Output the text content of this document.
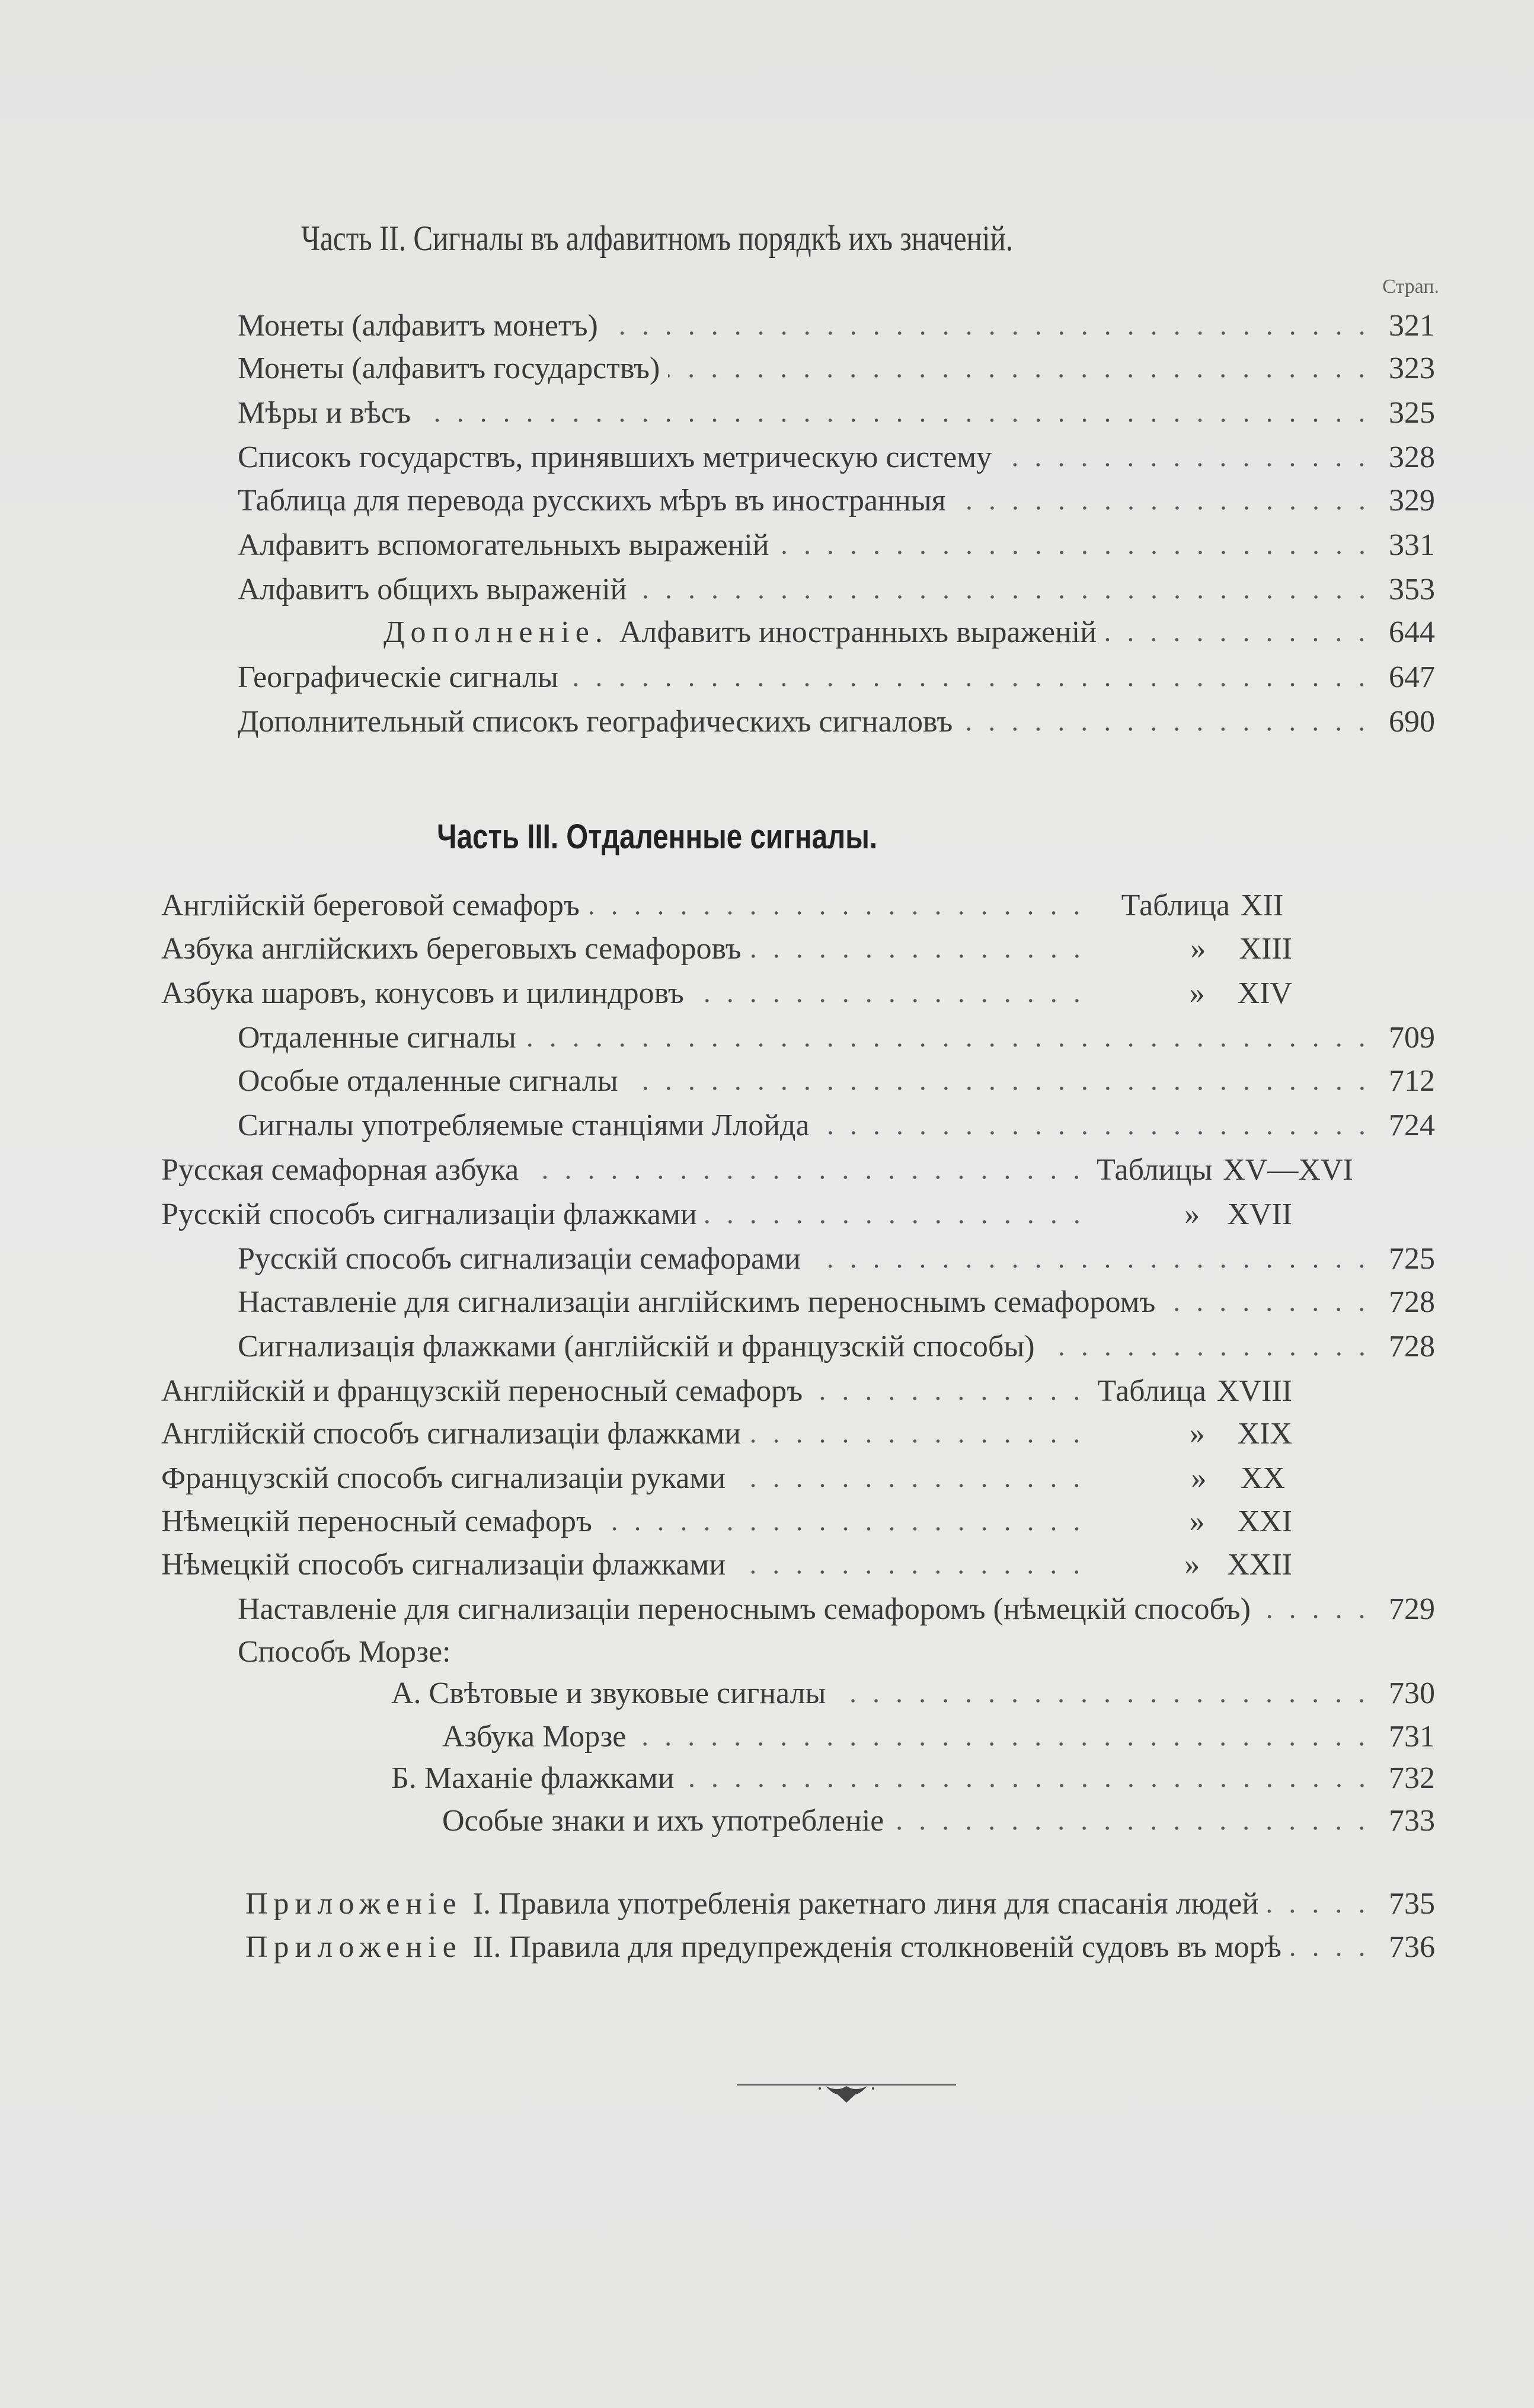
Часть II. Сигналы въ алфавитномъ порядкѣ ихъ значеній.
Страп.
Часть III. Отдаленные сигналы.
Монеты (алфавитъ монетъ)	321
Монеты (алфавитъ государствъ)	323
Мѣры и вѣсъ	325
Списокъ государствъ, принявшихъ метрическую систему	328
Таблица для перевода русскихъ мѣръ въ иностранныя	329
Алфавитъ вспомогательныхъ выраженій	331
Алфавитъ общихъ выраженій	353
Дополненіе. Алфавитъ иностранныхъ выраженій	644
Географическіе сигналы	647
Дополнительный списокъ географическихъ сигналовъ	690
Англійскій береговой семафоръ	Таблица XII
Азбука англійскихъ береговыхъ семафоровъ	»	XIII
Азбука шаровъ, конусовъ и цилиндровъ	»	XIV
Отдаленные сигналы	709
Особые отдаленные сигналы	712
Сигналы употребляемые станціями Ллойда	724
Русская семафорная азбука	Таблицы XV—XVI
Русскій способъ сигнализаціи флажками	» XVII
Русскій способъ сигнализаціи семафорами	725
Наставленіе для сигнализаціи англійскимъ переноснымъ семафоромъ	728
Сигнализація флажками (англійскій и французскій способы)	728
Англійскій и французскій переносный семафоръ	Таблица XVIII
Англійскій способъ сигнализаціи флажками	»	XIX
Французскій способъ сигнализаціи руками	»	XX
Нѣмецкій переносный семафоръ	»	XXI
Нѣмецкій способъ сигнализаціи флажками	» XXII
Наставленіе для сигнализаціи переноснымъ семафоромъ (нѣмецкій способъ)	729
Способъ Морзе:
А. Свѣтовые и звуковые сигналы	730
Азбука Морзе	731
Б. Маханіе флажками	732
Особые знаки и ихъ употребленіе	733
Приложеніе I. Правила употребленія ракетнаго линя для спасанія людей	735
Приложеніе II. Правила для предупрежденія столкновеній судовъ въ морѣ	736
